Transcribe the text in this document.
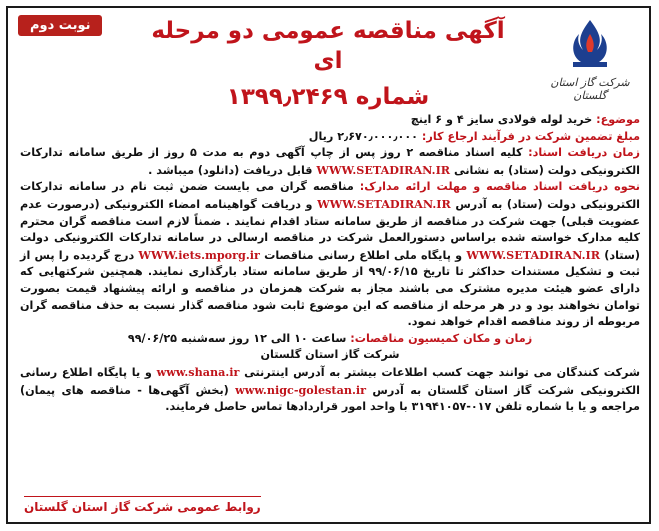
نوبت دوم
شرکت گاز استان گلستان
آگهی مناقصه عمومی دو مرحله ای
شماره ۱۳۹۹٫۲۴۶۹

موضوع: خرید لوله فولادی سایز ۴ و ۶ اینچ

مبلغ تضمین شرکت در فرآیند ارجاع کار: ۲٫۶۷۰٫۰۰۰٫۰۰۰ ریال

زمان دریافت اسناد: کلیه اسناد مناقصه ۲ روز پس از چاپ آگهی دوم به مدت ۵ روز از طریق سامانه تدارکات الکترونیکی دولت (ستاد) به نشانی WWW.SETADIRAN.IR قابل دریافت (دانلود) میباشد .

نحوه دریافت اسناد مناقصه و مهلت ارائه مدارک: مناقصه گران می بایست ضمن ثبت نام در سامانه تدارکات الکترونیکی دولت (ستاد) به آدرس WWW.SETADIRAN.IR و دریافت گواهینامه امضاء الکترونیکی (درصورت عدم عضویت قبلی) جهت شرکت در مناقصه از طریق سامانه ستاد اقدام نمایند . ضمناً لازم است مناقصه گران محترم کلیه مدارک خواسته شده براساس دستورالعمل شرکت در مناقصه ارسالی در سامانه تدارکات الکترونیکی دولت (ستاد) WWW.SETADIRAN.IR و پایگاه ملی اطلاع رسانی مناقصات WWW.iets.mporg.ir درج گردیده را پس از ثبت و تشکیل مستندات حداکثر تا تاریخ ۹۹/۰۶/۱۵ از طریق سامانه ستاد بارگذاری نمایند. همچنین شرکتهایی که دارای عضو هیئت مدیره مشترک می باشند مجاز به شرکت همزمان در مناقصه و ارائه پیشنهاد قیمت بصورت توامان نخواهند بود و در هر مرحله از مناقصه که این موضوع ثابت شود مناقصه گذار نسبت به حذف مناقصه گران مربوطه از روند مناقصه اقدام خواهد نمود.

زمان و مکان کمیسیون مناقصات: ساعت ۱۰ الی ۱۲ روز سه‌شنبه ۹۹/۰۶/۲۵

شرکت گاز استان گلستان

شرکت کنندگان می توانند جهت کسب اطلاعات بیشتر به آدرس اینترنتی www.shana.ir و یا پایگاه اطلاع رسانی الکترونیکی شرکت گاز استان گلستان به آدرس www.nigc-golestan.ir (بخش آگهی‌ها - مناقصه های پیمان) مراجعه و یا با شماره تلفن ۰۱۷-۳۱۹۴۱۰۵۷ با واحد امور قراردادها تماس حاصل فرمایند.

روابط عمومی شرکت گاز استان گلستان
